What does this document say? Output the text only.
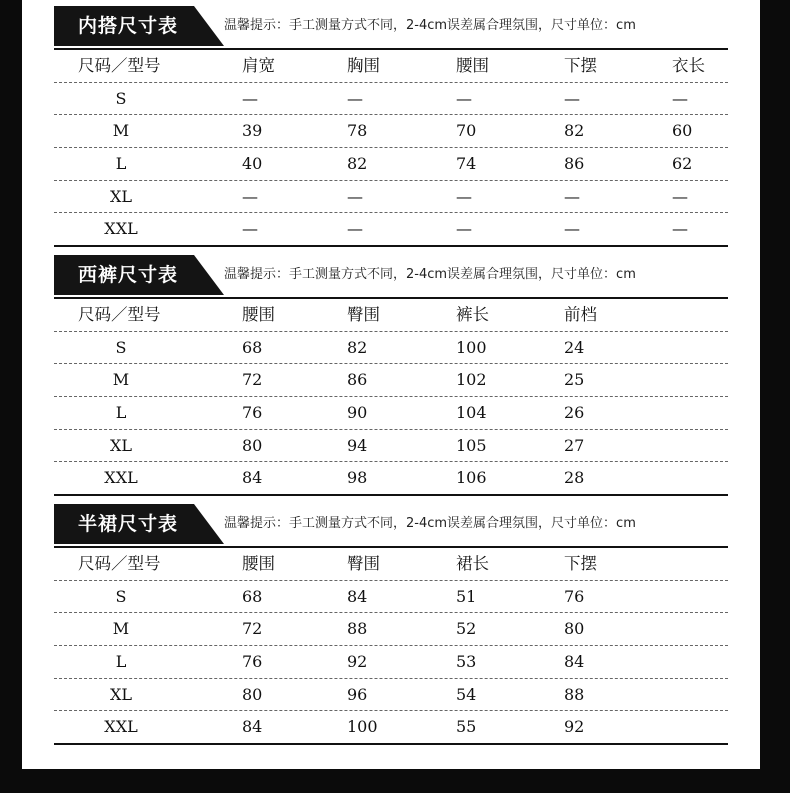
内搭尺寸表	温馨提示：手工测量方式不同，2-4cm误差属合理氛围，尺寸单位：cm
尺码／型号	肩宽	胸围	腰围	下摆	衣长
S	—	—	—	—	—
M	39	78	70	82	60
L	40	82	74	86	62
XL	—	—	—	—	—
XXL	—	—	—	—	—
西裤尺寸表	温馨提示：手工测量方式不同，2-4cm误差属合理氛围，尺寸单位：cm
尺码／型号	腰围	臀围	裤长	前档
S	68	82	100	24
M	72	86	102	25
L	76	90	104	26
XL	80	94	105	27
XXL	84	98	106	28
半裙尺寸表	温馨提示：手工测量方式不同，2-4cm误差属合理氛围，尺寸单位：cm
尺码／型号	腰围	臀围	裙长	下摆
S	68	84	51	76
M	72	88	52	80
L	76	92	53	84
XL	80	96	54	88
XXL	84	100	55	92
